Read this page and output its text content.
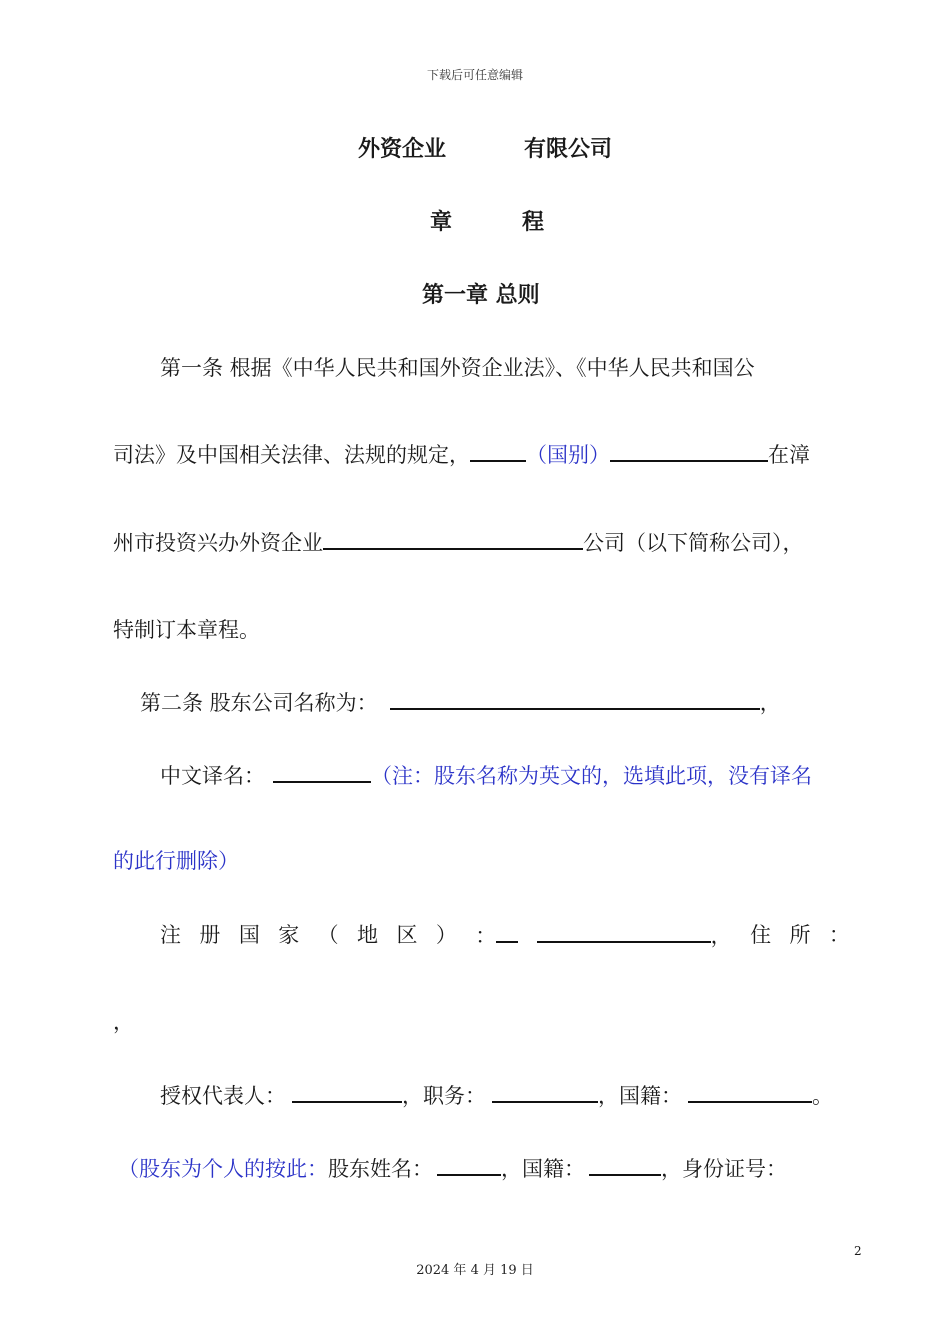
下载后可任意编辑
外资企业	有限公司
章	程
第一章 总则
第一条 根据《中华人民共和国外资企业法》、《中华人民共和国公
司法》及中国相关法律、法规的规定，	（国别）	在漳
州市投资兴办外资企业	公司（以下简称公司），
特制订本章程。
第二条 股东公司名称为：	，
中文译名：	（注：股东名称为英文的，选填此项，没有译名
的此行删除）
注 册 国 家 （ 地 区 ） ：	， 住 所 ：
，
授权代表人：	，职务：	，国籍：	。
（股东为个人的按此：股东姓名：	，国籍：	，身份证号：
2
2024 年 4 月 19 日
